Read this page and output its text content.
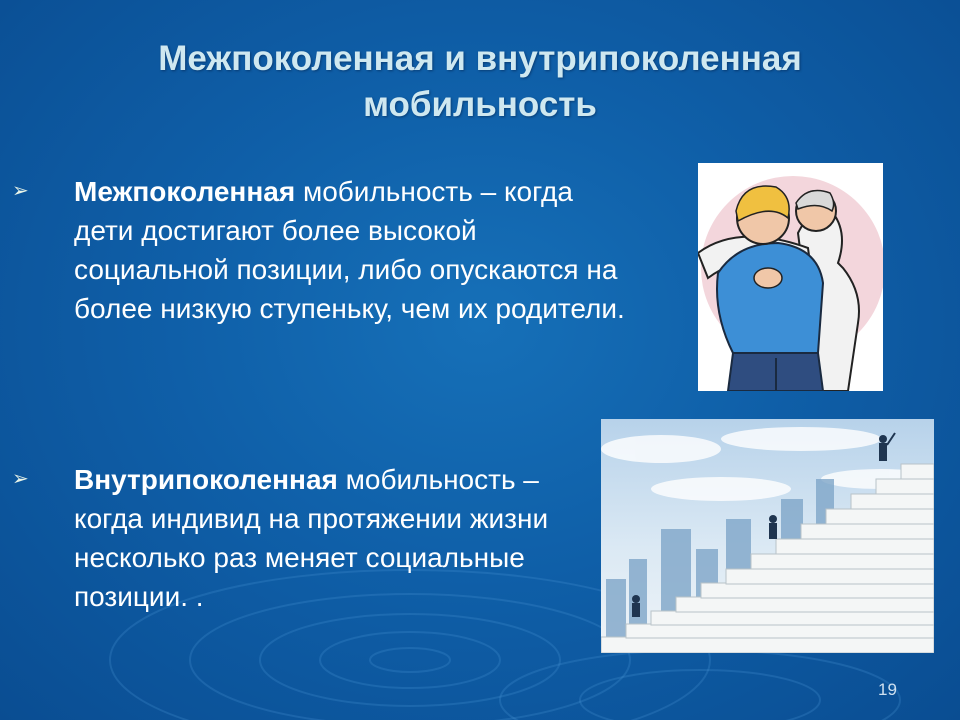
Межпоколенная и внутрипоколенная мобильность
➢ Межпоколенная мобильность – когда дети достигают более высокой социальной позиции, либо опускаются на более низкую ступеньку, чем их родители.
➢ Внутрипоколенная мобильность – когда индивид на протяжении жизни несколько раз меняет социальные позиции. .
19
